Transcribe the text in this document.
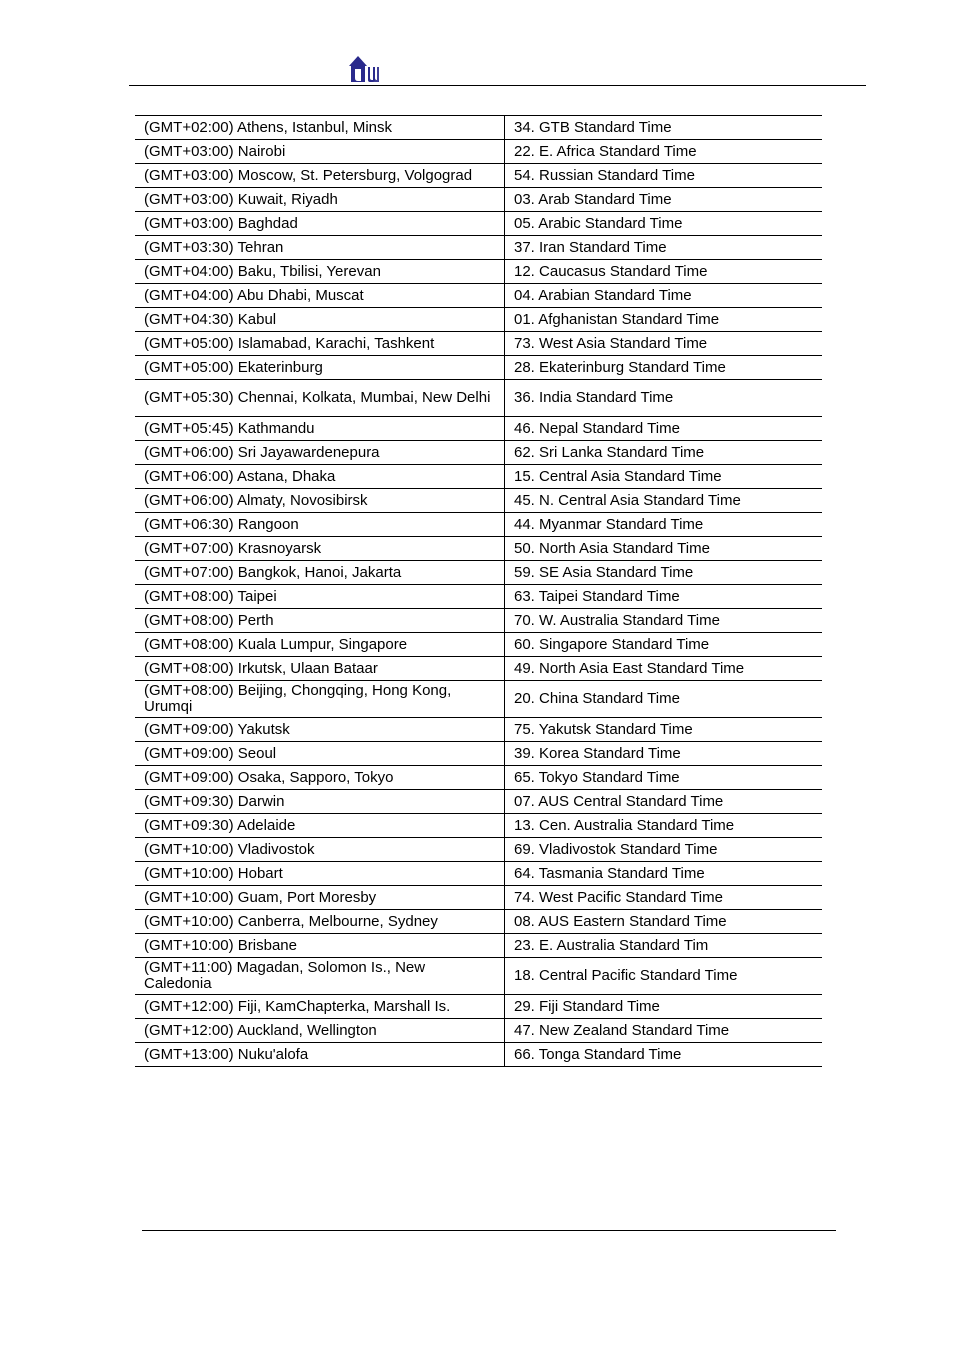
(GMT+02:00) Athens, Istanbul, Minsk	34. GTB Standard Time
(GMT+03:00) Nairobi	22. E. Africa Standard Time
(GMT+03:00) Moscow, St. Petersburg, Volgograd	54. Russian Standard Time
(GMT+03:00) Kuwait, Riyadh	03. Arab Standard Time
(GMT+03:00) Baghdad	05. Arabic Standard Time
(GMT+03:30) Tehran	37. Iran Standard Time
(GMT+04:00) Baku, Tbilisi, Yerevan	12. Caucasus Standard Time
(GMT+04:00) Abu Dhabi, Muscat	04. Arabian Standard Time
(GMT+04:30) Kabul	01. Afghanistan Standard Time
(GMT+05:00) Islamabad, Karachi, Tashkent	73. West Asia Standard Time
(GMT+05:00) Ekaterinburg	28. Ekaterinburg Standard Time
(GMT+05:30) Chennai, Kolkata, Mumbai, New Delhi	36. India Standard Time
(GMT+05:45) Kathmandu	46. Nepal Standard Time
(GMT+06:00) Sri Jayawardenepura	62. Sri Lanka Standard Time
(GMT+06:00) Astana, Dhaka	15. Central Asia Standard Time
(GMT+06:00) Almaty, Novosibirsk	45. N. Central Asia Standard Time
(GMT+06:30) Rangoon	44. Myanmar Standard Time
(GMT+07:00) Krasnoyarsk	50. North Asia Standard Time
(GMT+07:00) Bangkok, Hanoi, Jakarta	59. SE Asia Standard Time
(GMT+08:00) Taipei	63. Taipei Standard Time
(GMT+08:00) Perth	70. W. Australia Standard Time
(GMT+08:00) Kuala Lumpur, Singapore	60. Singapore Standard Time
(GMT+08:00) Irkutsk, Ulaan Bataar	49. North Asia East Standard Time
(GMT+08:00) Beijing, Chongqing, Hong Kong, Urumqi	20. China Standard Time
(GMT+09:00) Yakutsk	75. Yakutsk Standard Time
(GMT+09:00) Seoul	39. Korea Standard Time
(GMT+09:00) Osaka, Sapporo, Tokyo	65. Tokyo Standard Time
(GMT+09:30) Darwin	07. AUS Central Standard Time
(GMT+09:30) Adelaide	13. Cen. Australia Standard Time
(GMT+10:00) Vladivostok	69. Vladivostok Standard Time
(GMT+10:00) Hobart	64. Tasmania Standard Time
(GMT+10:00) Guam, Port Moresby	74. West Pacific Standard Time
(GMT+10:00) Canberra, Melbourne, Sydney	08. AUS Eastern Standard Time
(GMT+10:00) Brisbane	23. E. Australia Standard Tim
(GMT+11:00) Magadan, Solomon Is., New Caledonia	18. Central Pacific Standard Time
(GMT+12:00) Fiji, KamChapterka, Marshall Is.	29. Fiji Standard Time
(GMT+12:00) Auckland, Wellington	47. New Zealand Standard Time
(GMT+13:00) Nuku'alofa	66. Tonga Standard Time
